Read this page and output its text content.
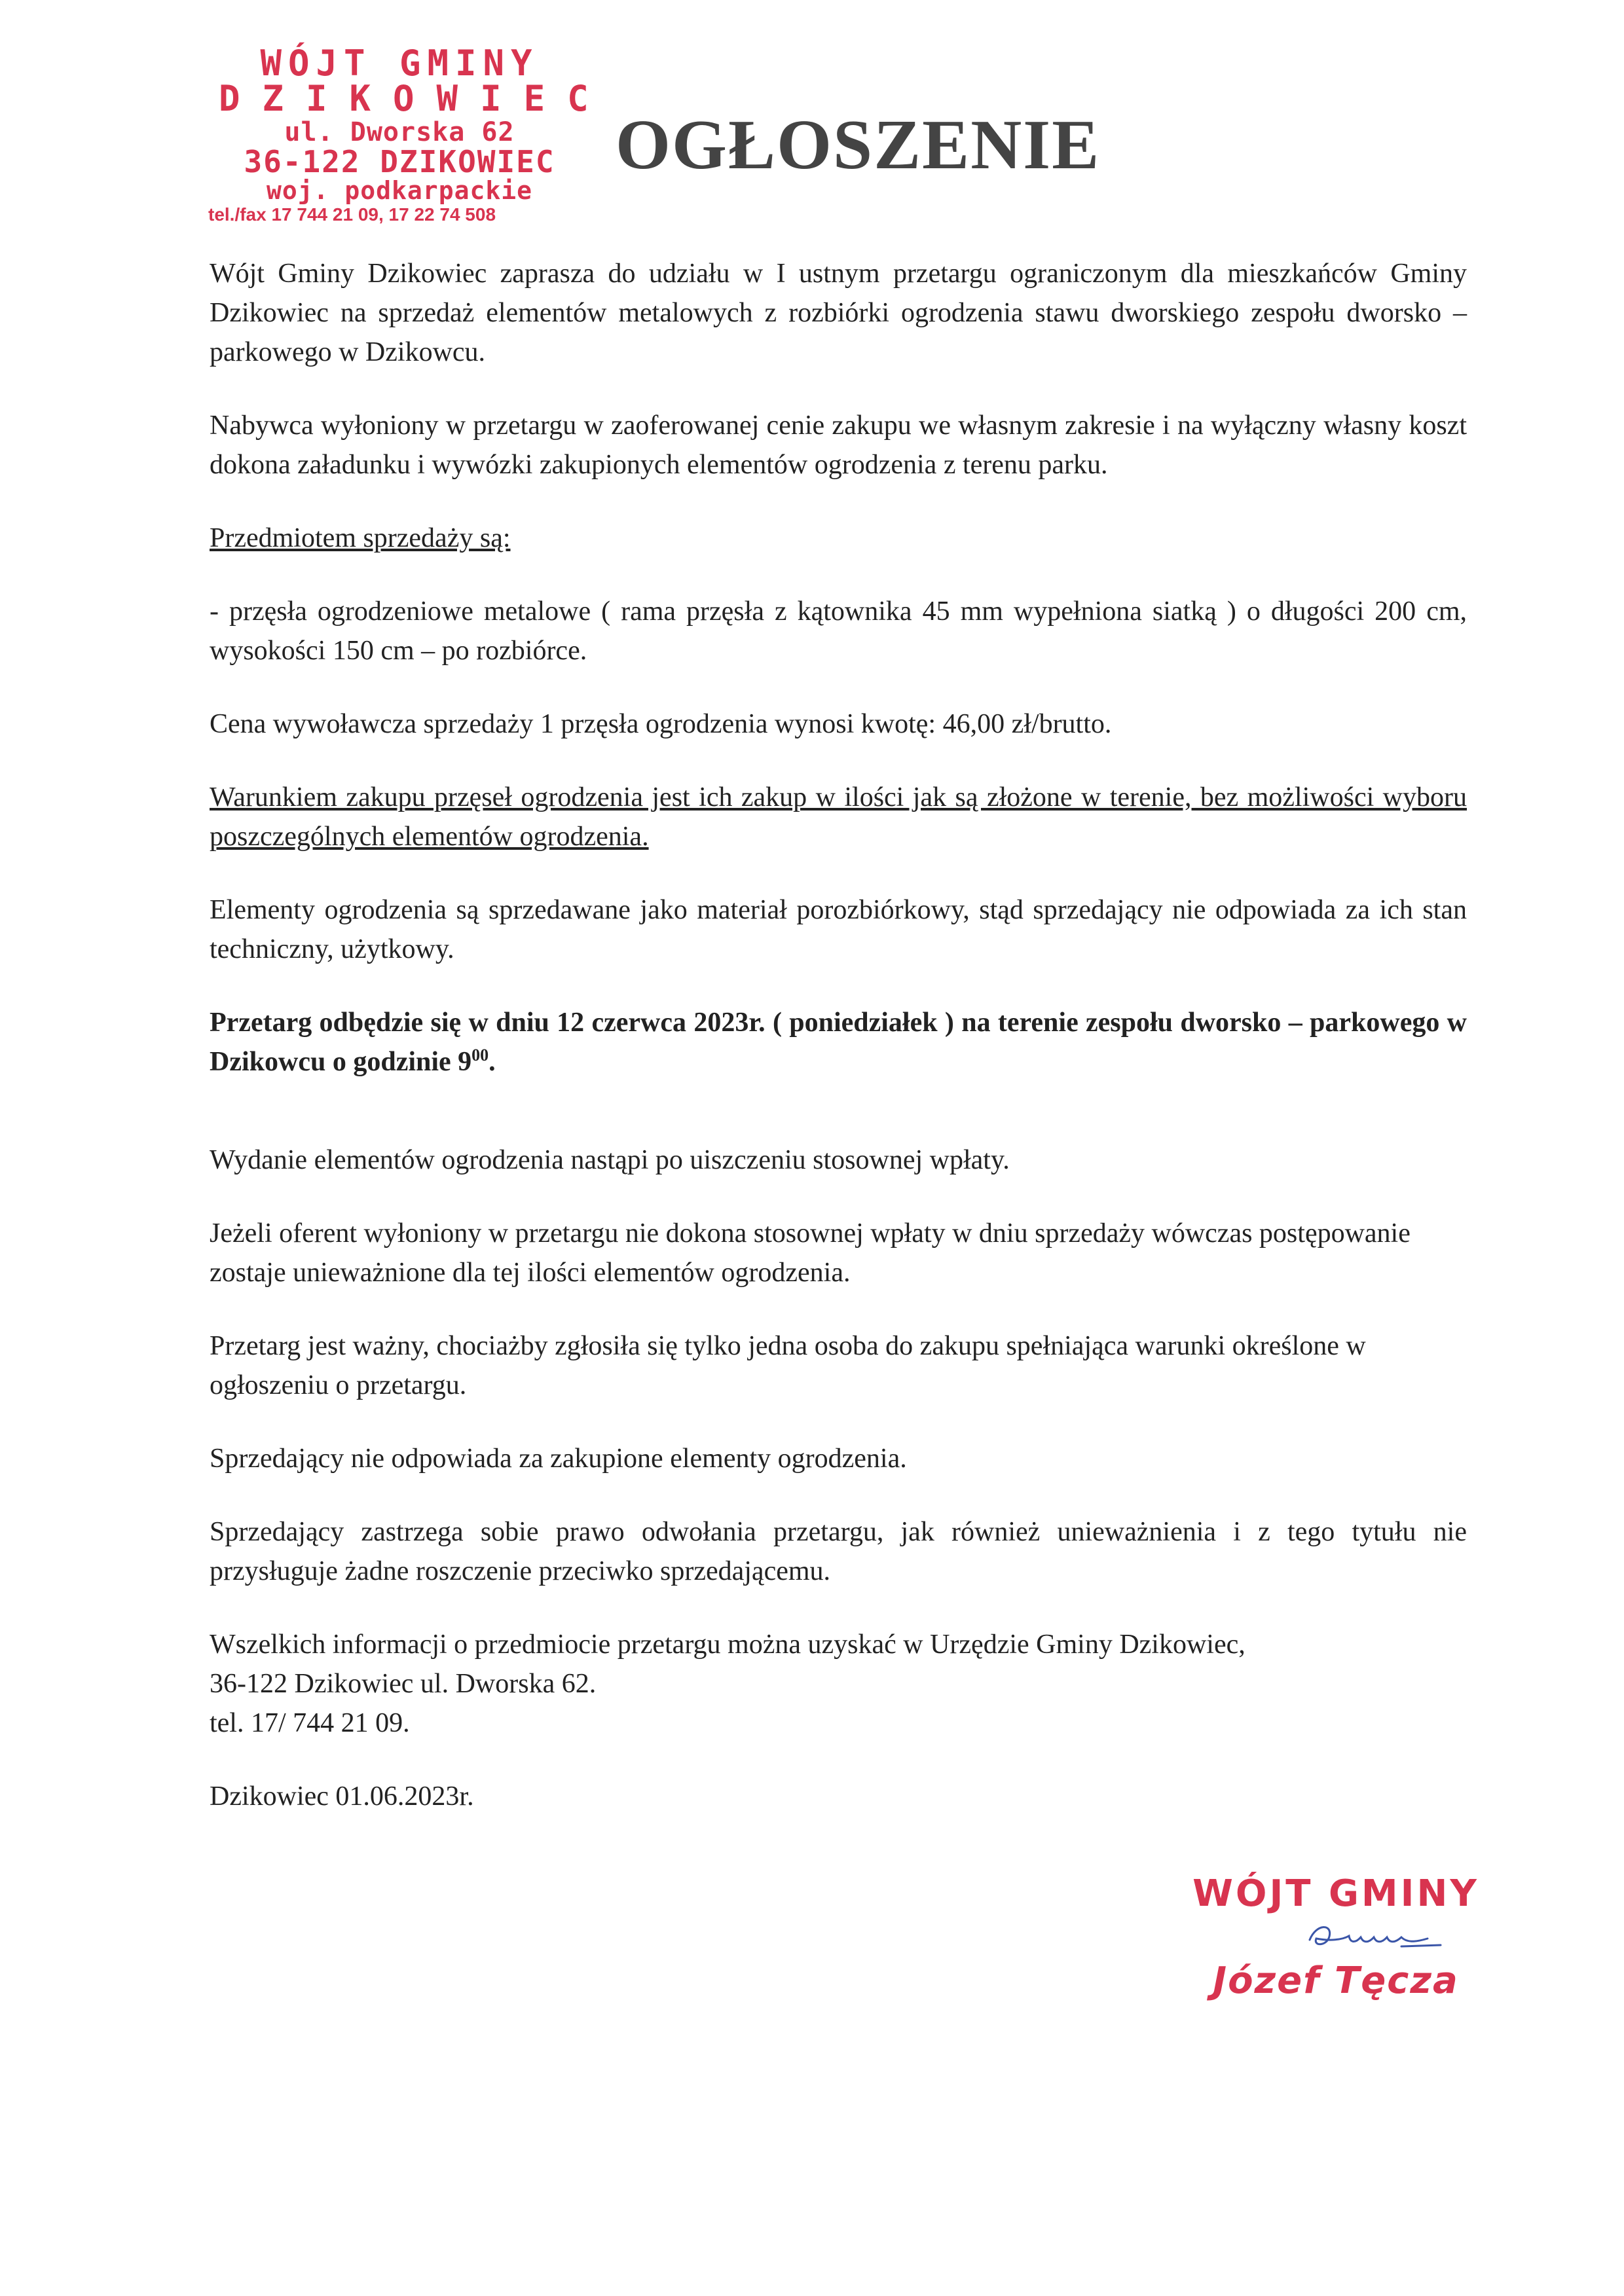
WÓJT GMINY
DZIKOWIEC
ul. Dworska 62
36-122 DZIKOWIEC
woj. podkarpackie
tel./fax 17 744 21 09, 17 22 74 508
OGŁOSZENIE

Wójt Gminy Dzikowiec zaprasza do udziału w I ustnym przetargu ograniczonym dla mieszkańców Gminy Dzikowiec na sprzedaż elementów metalowych z rozbiórki ogrodzenia stawu dworskiego zespołu dworsko – parkowego w Dzikowcu.

Nabywca wyłoniony w przetargu w zaoferowanej cenie zakupu we własnym zakresie i na wyłączny własny koszt dokona załadunku i wywózki zakupionych elementów ogrodzenia z terenu parku.

Przedmiotem sprzedaży są:

- przęsła ogrodzeniowe metalowe ( rama przęsła z kątownika 45 mm wypełniona siatką ) o długości 200 cm, wysokości 150 cm – po rozbiórce.

Cena wywoławcza sprzedaży 1 przęsła ogrodzenia wynosi kwotę: 46,00 zł/brutto.

Warunkiem zakupu przęseł ogrodzenia jest ich zakup w ilości jak są złożone w terenie, bez możliwości wyboru poszczególnych elementów ogrodzenia.

Elementy ogrodzenia są sprzedawane jako materiał porozbiórkowy, stąd sprzedający nie odpowiada za ich stan techniczny, użytkowy.

Przetarg odbędzie się w dniu 12 czerwca 2023r. ( poniedziałek ) na terenie zespołu dworsko – parkowego w Dzikowcu o godzinie $9^{00}$.

Wydanie elementów ogrodzenia nastąpi po uiszczeniu stosownej wpłaty.

Jeżeli oferent wyłoniony w przetargu nie dokona stosownej wpłaty w dniu sprzedaży wówczas postępowanie zostaje unieważnione dla tej ilości elementów ogrodzenia.

Przetarg jest ważny, chociażby zgłosiła się tylko jedna osoba do zakupu spełniająca warunki określone w ogłoszeniu o przetargu.

Sprzedający nie odpowiada za zakupione elementy ogrodzenia.

Sprzedający zastrzega sobie prawo odwołania przetargu, jak również unieważnienia i z tego tytułu nie przysługuje żadne roszczenie przeciwko sprzedającemu.

Wszelkich informacji o przedmiocie przetargu można uzyskać w Urzędzie Gminy Dzikowiec,
36-122 Dzikowiec ul. Dworska 62.
tel. 17/ 744 21 09.

Dzikowiec 01.06.2023r.

WÓJT GMINY
Józef Tęcza
